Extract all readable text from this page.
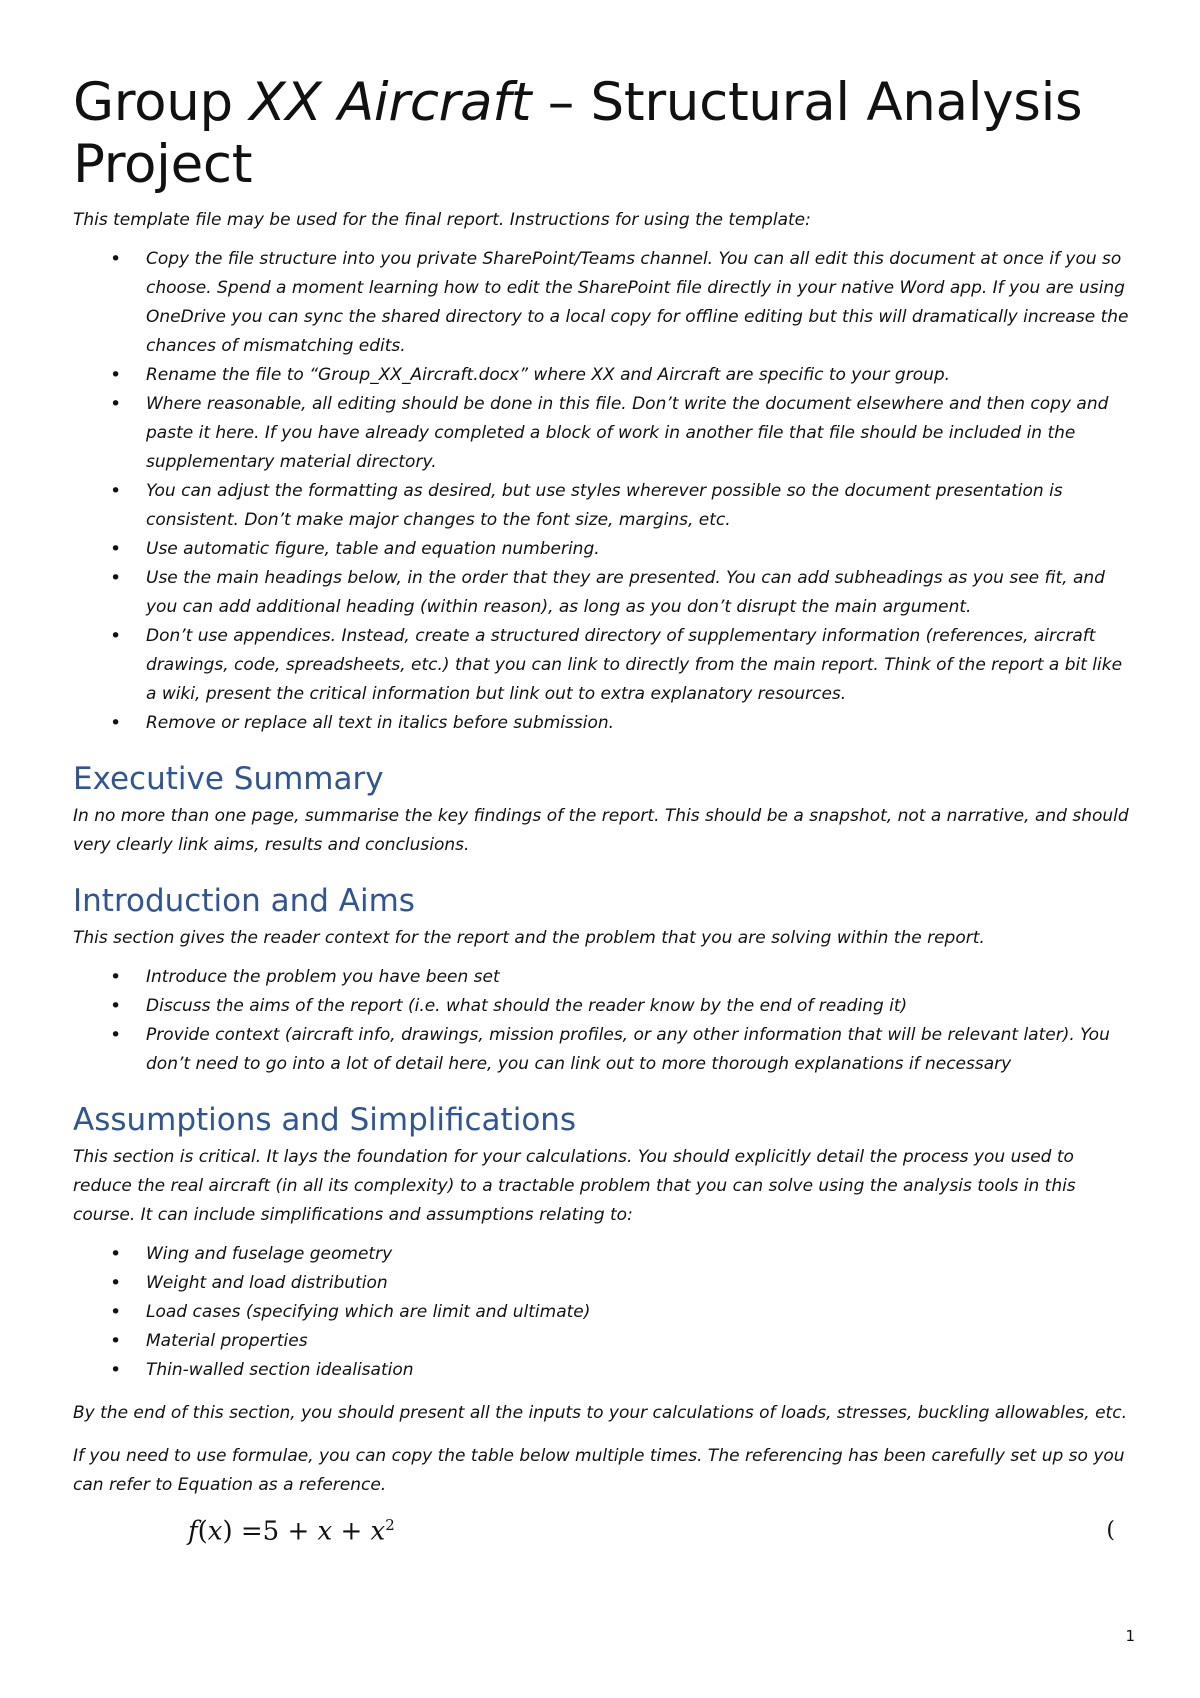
Group XX Aircraft – Structural Analysis Project

This template file may be used for the final report. Instructions for using the template:

• Copy the file structure into you private SharePoint/Teams channel. You can all edit this document at once if you so choose. Spend a moment learning how to edit the SharePoint file directly in your native Word app. If you are using OneDrive you can sync the shared directory to a local copy for offline editing but this will dramatically increase the chances of mismatching edits.
• Rename the file to “Group_XX_Aircraft.docx” where XX and Aircraft are specific to your group.
• Where reasonable, all editing should be done in this file. Don’t write the document elsewhere and then copy and paste it here. If you have already completed a block of work in another file that file should be included in the supplementary material directory.
• You can adjust the formatting as desired, but use styles wherever possible so the document presentation is consistent. Don’t make major changes to the font size, margins, etc.
• Use automatic figure, table and equation numbering.
• Use the main headings below, in the order that they are presented. You can add subheadings as you see fit, and you can add additional heading (within reason), as long as you don’t disrupt the main argument.
• Don’t use appendices. Instead, create a structured directory of supplementary information (references, aircraft drawings, code, spreadsheets, etc.) that you can link to directly from the main report. Think of the report a bit like a wiki, present the critical information but link out to extra explanatory resources.
• Remove or replace all text in italics before submission.
Executive Summary

In no more than one page, summarise the key findings of the report. This should be a snapshot, not a narrative, and should very clearly link aims, results and conclusions.

Introduction and Aims

This section gives the reader context for the report and the problem that you are solving within the report.

• Introduce the problem you have been set
• Discuss the aims of the report (i.e. what should the reader know by the end of reading it)
• Provide context (aircraft info, drawings, mission profiles, or any other information that will be relevant later). You don’t need to go into a lot of detail here, you can link out to more thorough explanations if necessary
Assumptions and Simplifications

This section is critical. It lays the foundation for your calculations. You should explicitly detail the process you used to reduce the real aircraft (in all its complexity) to a tractable problem that you can solve using the analysis tools in this course. It can include simplifications and assumptions relating to:

• Wing and fuselage geometry
• Weight and load distribution
• Load cases (specifying which are limit and ultimate)
• Material properties
• Thin-walled section idealisation

By the end of this section, you should present all the inputs to your calculations of loads, stresses, buckling allowables, etc.

If you need to use formulae, you can copy the table below multiple times. The referencing has been carefully set up so you can refer to Equation as a reference.

$f(x) =5 + x + x^2$	(
1
